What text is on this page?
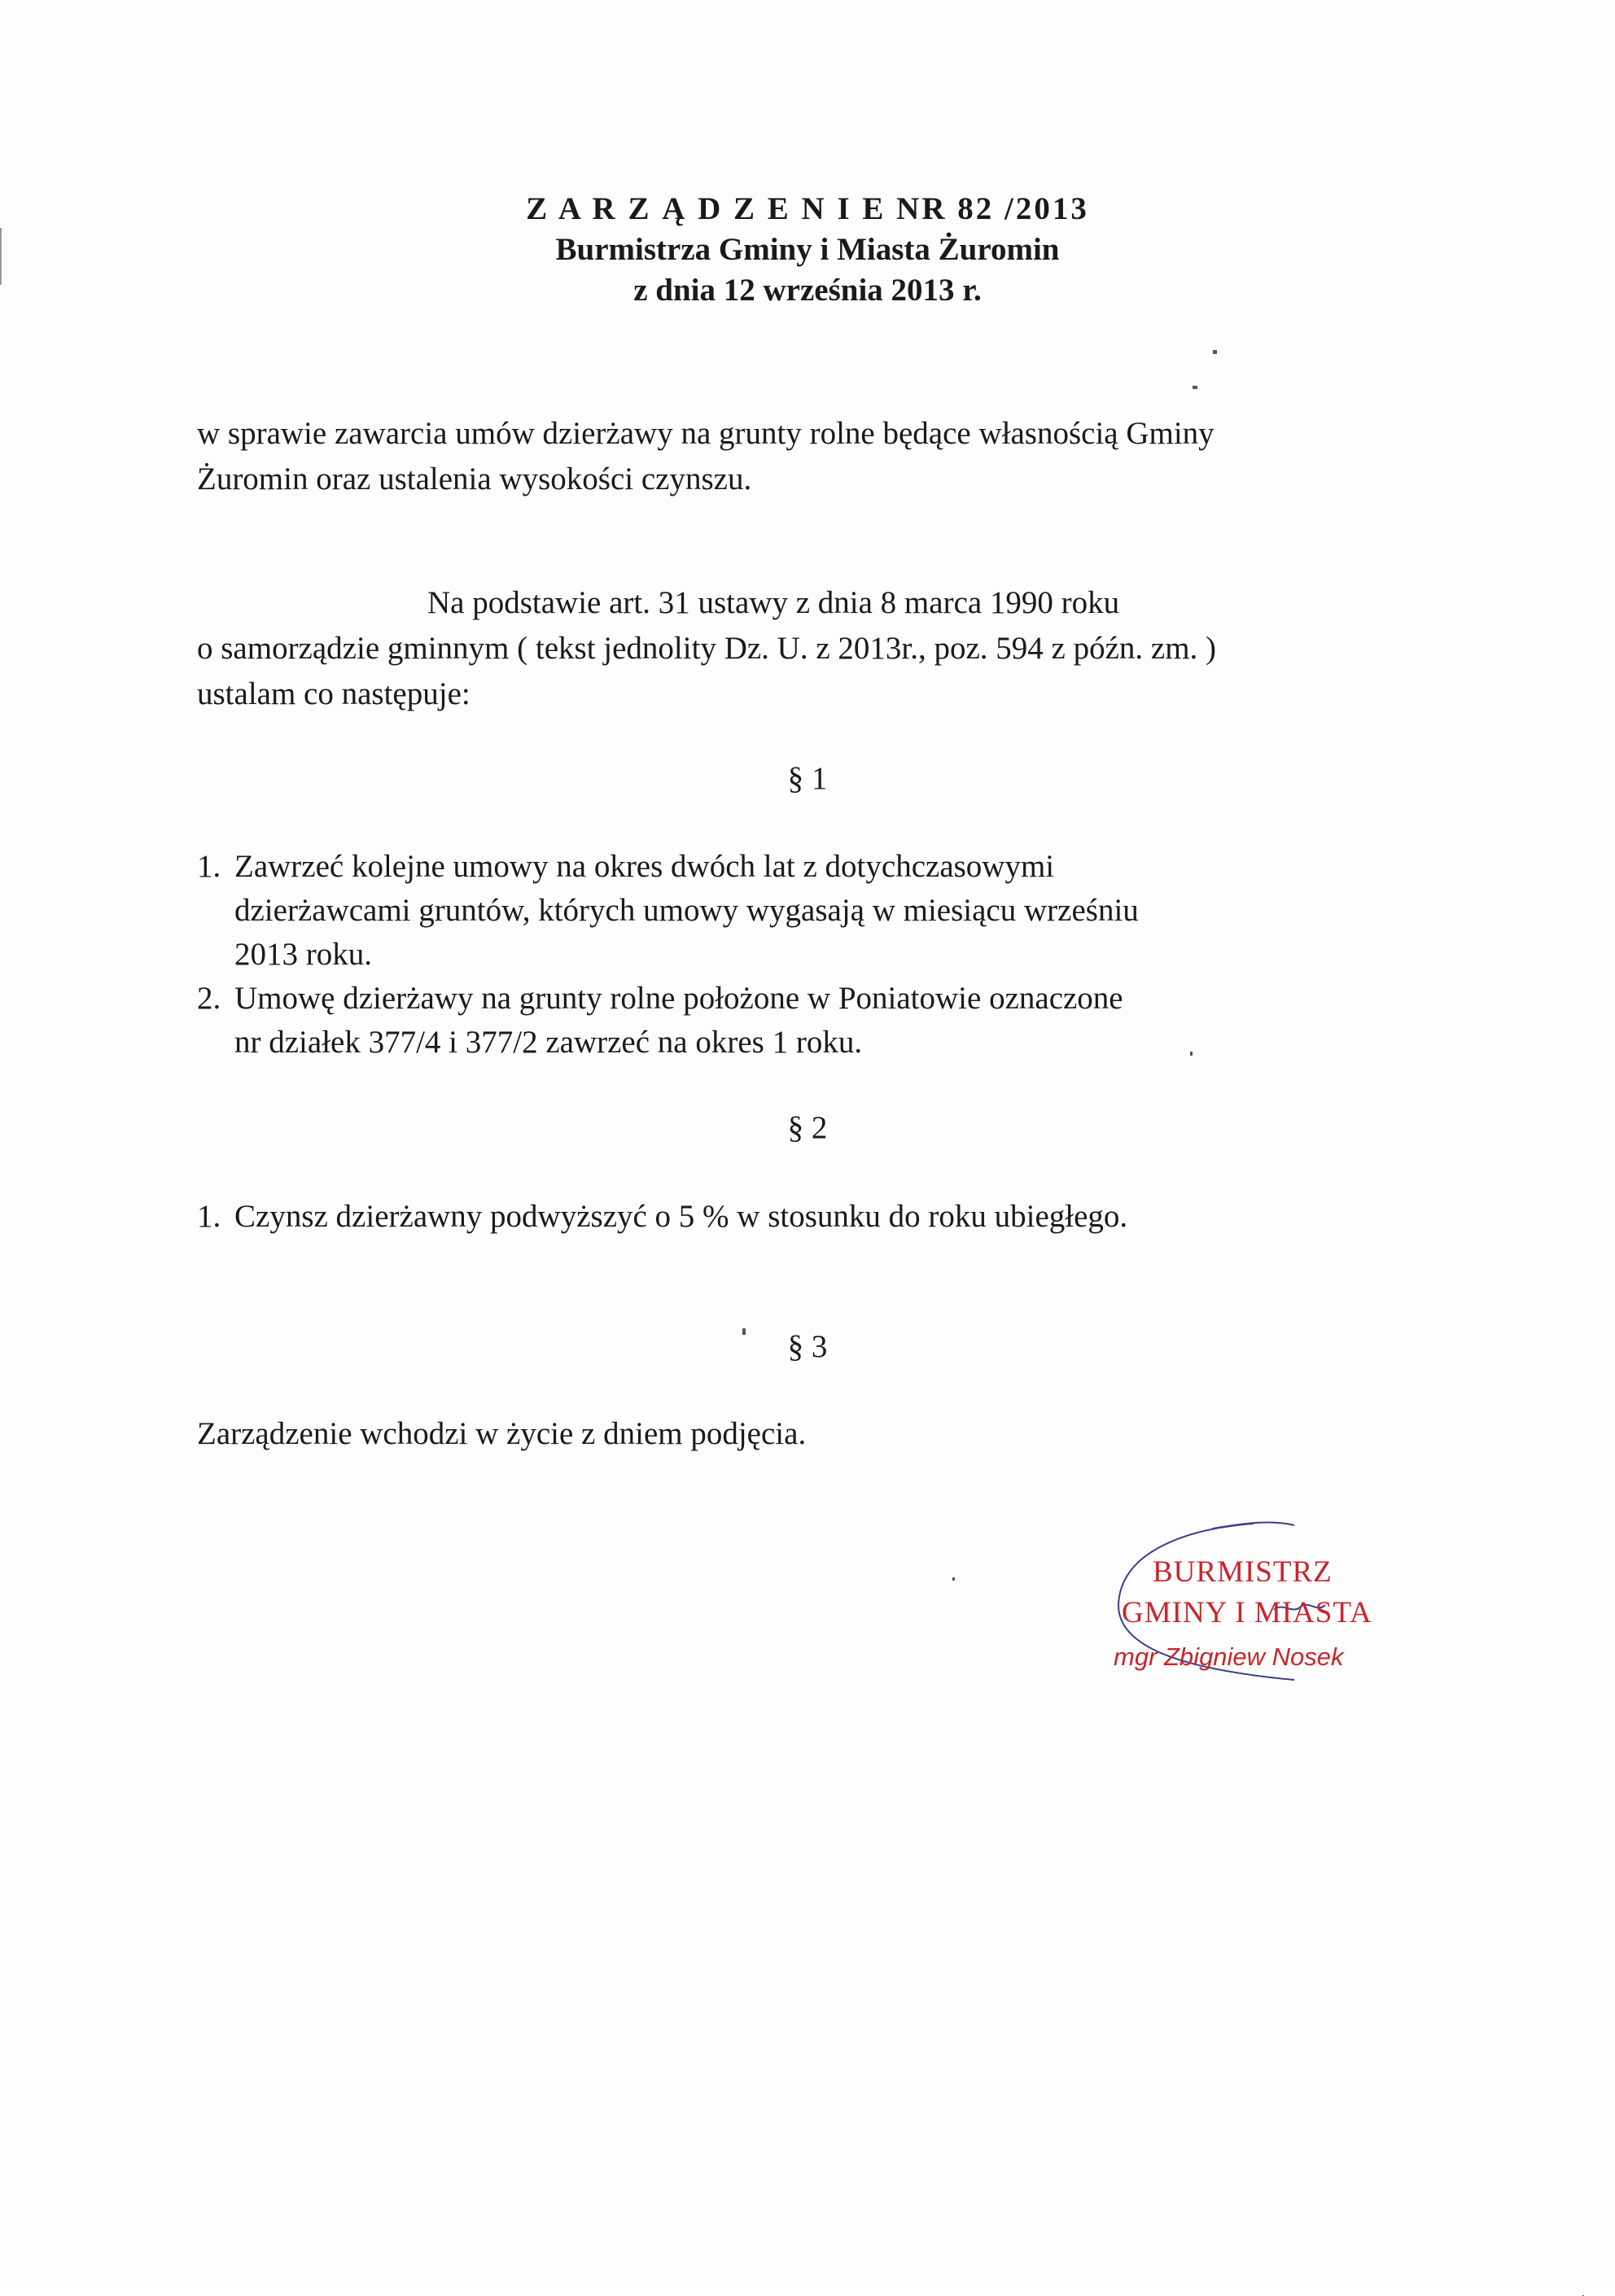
Z A R Z Ą D Z E N I E NR 82 /2013
Burmistrza Gminy i Miasta Żuromin
z dnia 12 września 2013 r.
w sprawie zawarcia umów dzierżawy na grunty rolne będące własnością Gminy
Żuromin oraz ustalenia wysokości czynszu.
Na podstawie art. 31 ustawy z dnia 8 marca 1990 roku
o samorządzie gminnym ( tekst jednolity Dz. U. z 2013r., poz. 594 z późn. zm. )
ustalam co następuje:
§ 1
1. Zawrzeć kolejne umowy na okres dwóch lat z dotychczasowymi
dzierżawcami gruntów, których umowy wygasają w miesiącu wrześniu
2013 roku.
2. Umowę dzierżawy na grunty rolne położone w Poniatowie oznaczone
nr działek 377/4 i 377/2 zawrzeć na okres 1 roku.
§ 2
1. Czynsz dzierżawny podwyższyć o 5 % w stosunku do roku ubiegłego.
§ 3
Zarządzenie wchodzi w życie z dniem podjęcia.
BURMISTRZ
GMINY I MIASTA
mgr Zbigniew Nosek
